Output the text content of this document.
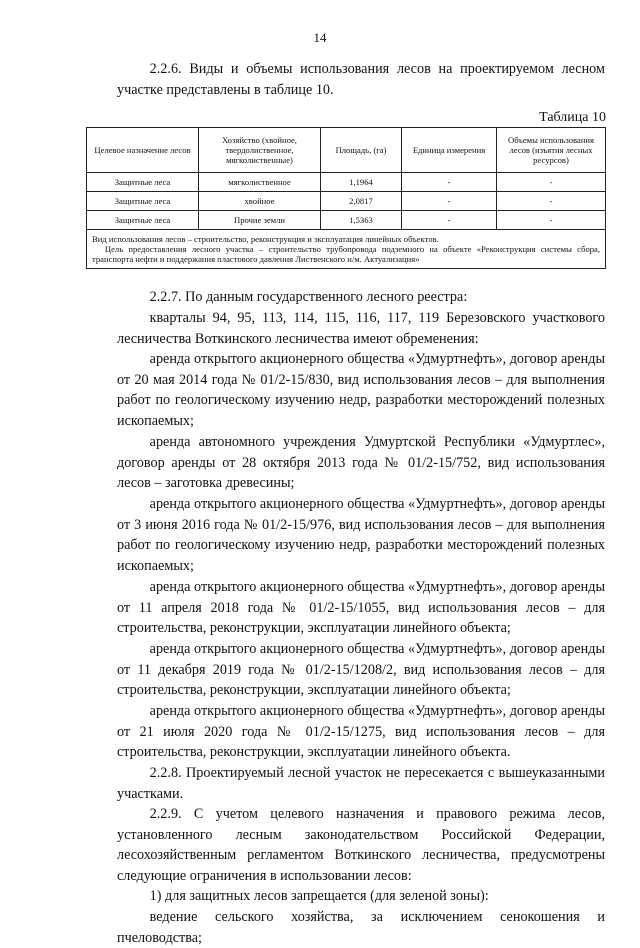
14

2.2.6. Виды и объемы использования лесов на проектируемом лесном участке представлены в таблице 10.

Таблица 10
Целевое назначение лесов	Хозяйство (хвойное, твердолиственное, мягколиственные)	Площадь, (га)	Единица измерения	Объемы использования лесов (изъятия лесных ресурсов)
Защитные леса	мягколиственное	1,1964	-	-
Защитные леса	хвойное	2,0817	-	-
Защитные леса	Прочие земли	1,5363	-	-

Вид использования лесов – строительство, реконструкция и эксплуатация линейных объектов.
Цель предоставления лесного участка – строительство трубопровода подземного на объекте «Реконструкция системы сбора, транспорта нефти и поддержания пластового давления Лиственского н/м. Актуализация»				

2.2.7. По данным государственного лесного реестра:

кварталы 94, 95, 113, 114, 115, 116, 117, 119 Березовского участкового лесничества Воткинского лесничества имеют обременения:

аренда открытого акционерного общества «Удмуртнефть», договор аренды от 20 мая 2014 года № 01/2-15/830, вид использования лесов – для выполнения работ по геологическому изучению недр, разработки месторождений полезных ископаемых;

аренда автономного учреждения Удмуртской Республики «Удмуртлес», договор аренды от 28 октября 2013 года № 01/2-15/752, вид использования лесов – заготовка древесины;

аренда открытого акционерного общества «Удмуртнефть», договор аренды от 3 июня 2016 года № 01/2-15/976, вид использования лесов – для выполнения работ по геологическому изучению недр, разработки месторождений полезных ископаемых;

аренда открытого акционерного общества «Удмуртнефть», договор аренды от 11 апреля 2018 года № 01/2-15/1055, вид использования лесов – для строительства, реконструкции, эксплуатации линейного объекта;

аренда открытого акционерного общества «Удмуртнефть», договор аренды от 11 декабря 2019 года № 01/2-15/1208/2, вид использования лесов – для строительства, реконструкции, эксплуатации линейного объекта;

аренда открытого акционерного общества «Удмуртнефть», договор аренды от 21 июля 2020 года № 01/2-15/1275, вид использования лесов – для строительства, реконструкции, эксплуатации линейного объекта.

2.2.8. Проектируемый лесной участок не пересекается с вышеуказанными участками.

2.2.9. С учетом целевого назначения и правового режима лесов, установленного лесным законодательством Российской Федерации, лесохозяйственным регламентом Воткинского лесничества, предусмотрены следующие ограничения в использовании лесов:

1) для защитных лесов запрещается (для зеленой зоны):

ведение сельского хозяйства, за исключением сенокошения и пчеловодства;
